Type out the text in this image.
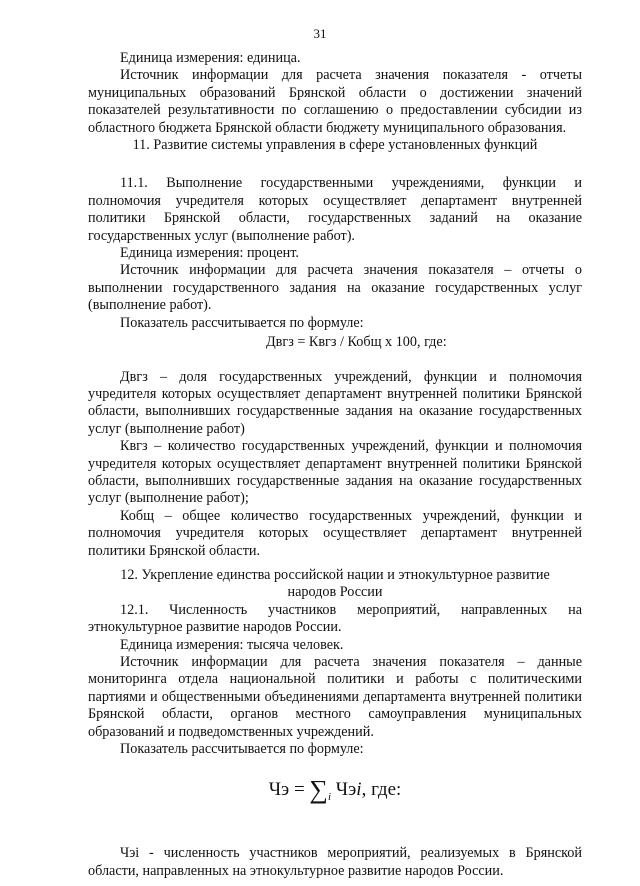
31

Единица измерения: единица.

Источник информации для расчета значения показателя - отчеты муниципальных образований Брянской области о достижении значений показателей результативности по соглашению о предоставлении субсидии из областного бюджета Брянской области бюджету муниципального образования.

11. Развитие системы управления в сфере установленных функций

11.1. Выполнение государственными учреждениями, функции и полномочия учредителя которых осуществляет департамент внутренней политики Брянской области, государственных заданий на оказание государственных услуг (выполнение работ).

Единица измерения: процент.

Источник информации для расчета значения показателя – отчеты о выполнении государственного задания на оказание государственных услуг (выполнение работ).

Показатель рассчитывается по формуле:

Двгз = Квгз / Кобщ х 100, где:

Двгз – доля государственных учреждений, функции и полномочия учредителя которых осуществляет департамент внутренней политики Брянской области, выполнивших государственные задания на оказание государственных услуг (выполнение работ)

Квгз – количество государственных учреждений, функции и полномочия учредителя которых осуществляет департамент внутренней политики Брянской области, выполнивших государственные задания на оказание государственных услуг (выполнение работ);

Кобщ – общее количество государственных учреждений, функции и полномочия учредителя которых осуществляет департамент внутренней политики Брянской области.

12. Укрепление единства российской нации и этнокультурное развитие

народов России

12.1. Численность участников мероприятий, направленных на этнокультурное развитие народов России.

Единица измерения: тысяча человек.

Источник информации для расчета значения показателя – данные мониторинга отдела национальной политики и работы с политическими партиями и общественными объединениями департамента внутренней политики Брянской области, органов местного самоуправления муниципальных образований и подведомственных учреждений.

Показатель рассчитывается по формуле:

Чэ = $\sum_i$ Чэi, где:

Чэi - численность участников мероприятий, реализуемых в Брянской области, направленных на этнокультурное развитие народов России.
